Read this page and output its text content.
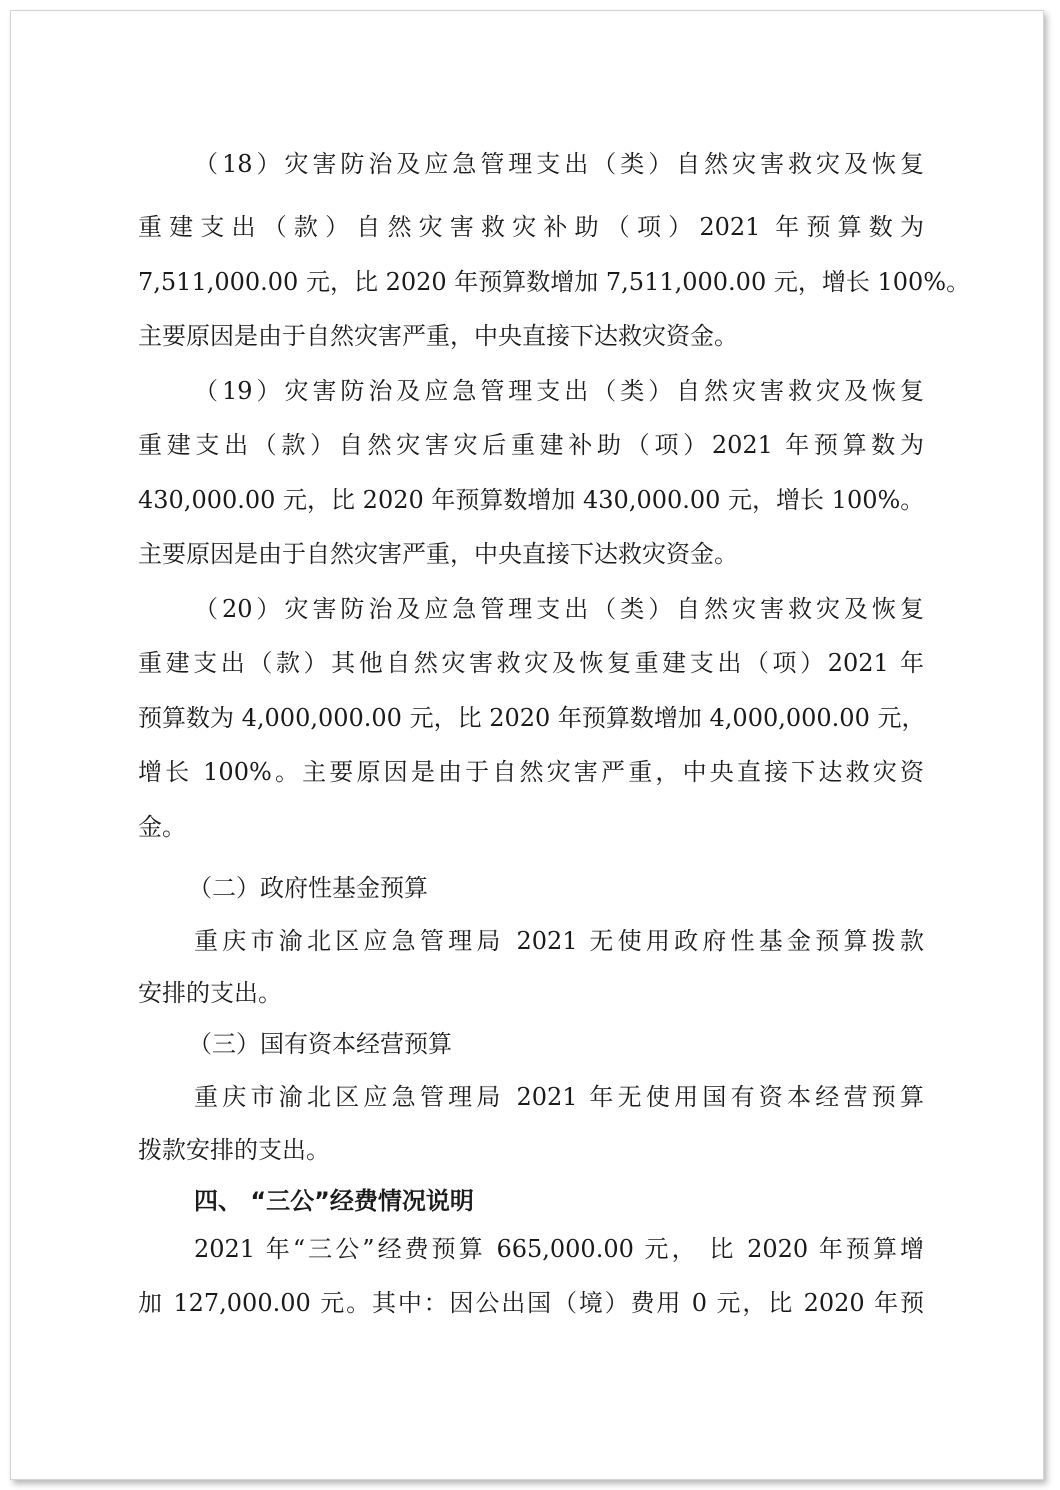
（18）灾害防治及应急管理支出（类）自然灾害救灾及恢复
重建支出（款）自然灾害救灾补助（项）2021 年预算数为
7,511,000.00 元，比 2020 年预算数增加 7,511,000.00 元，增长 100%。
主要原因是由于自然灾害严重，中央直接下达救灾资金。
（19）灾害防治及应急管理支出（类）自然灾害救灾及恢复
重建支出（款）自然灾害灾后重建补助（项）2021 年预算数为
430,000.00 元，比 2020 年预算数增加 430,000.00 元，增长 100%。
主要原因是由于自然灾害严重，中央直接下达救灾资金。
（20）灾害防治及应急管理支出（类）自然灾害救灾及恢复
重建支出（款）其他自然灾害救灾及恢复重建支出（项）2021 年
预算数为 4,000,000.00 元，比 2020 年预算数增加 4,000,000.00 元，
增长 100%。主要原因是由于自然灾害严重，中央直接下达救灾资
金。
（二）政府性基金预算
重庆市渝北区应急管理局 2021 无使用政府性基金预算拨款
安排的支出。
（三）国有资本经营预算
重庆市渝北区应急管理局 2021 年无使用国有资本经营预算
拨款安排的支出。
四、 “三公”经费情况说明
2021 年“三公”经费预算 665,000.00 元， 比 2020 年预算增
加 127,000.00 元。其中：因公出国（境）费用 0 元，比 2020 年预
